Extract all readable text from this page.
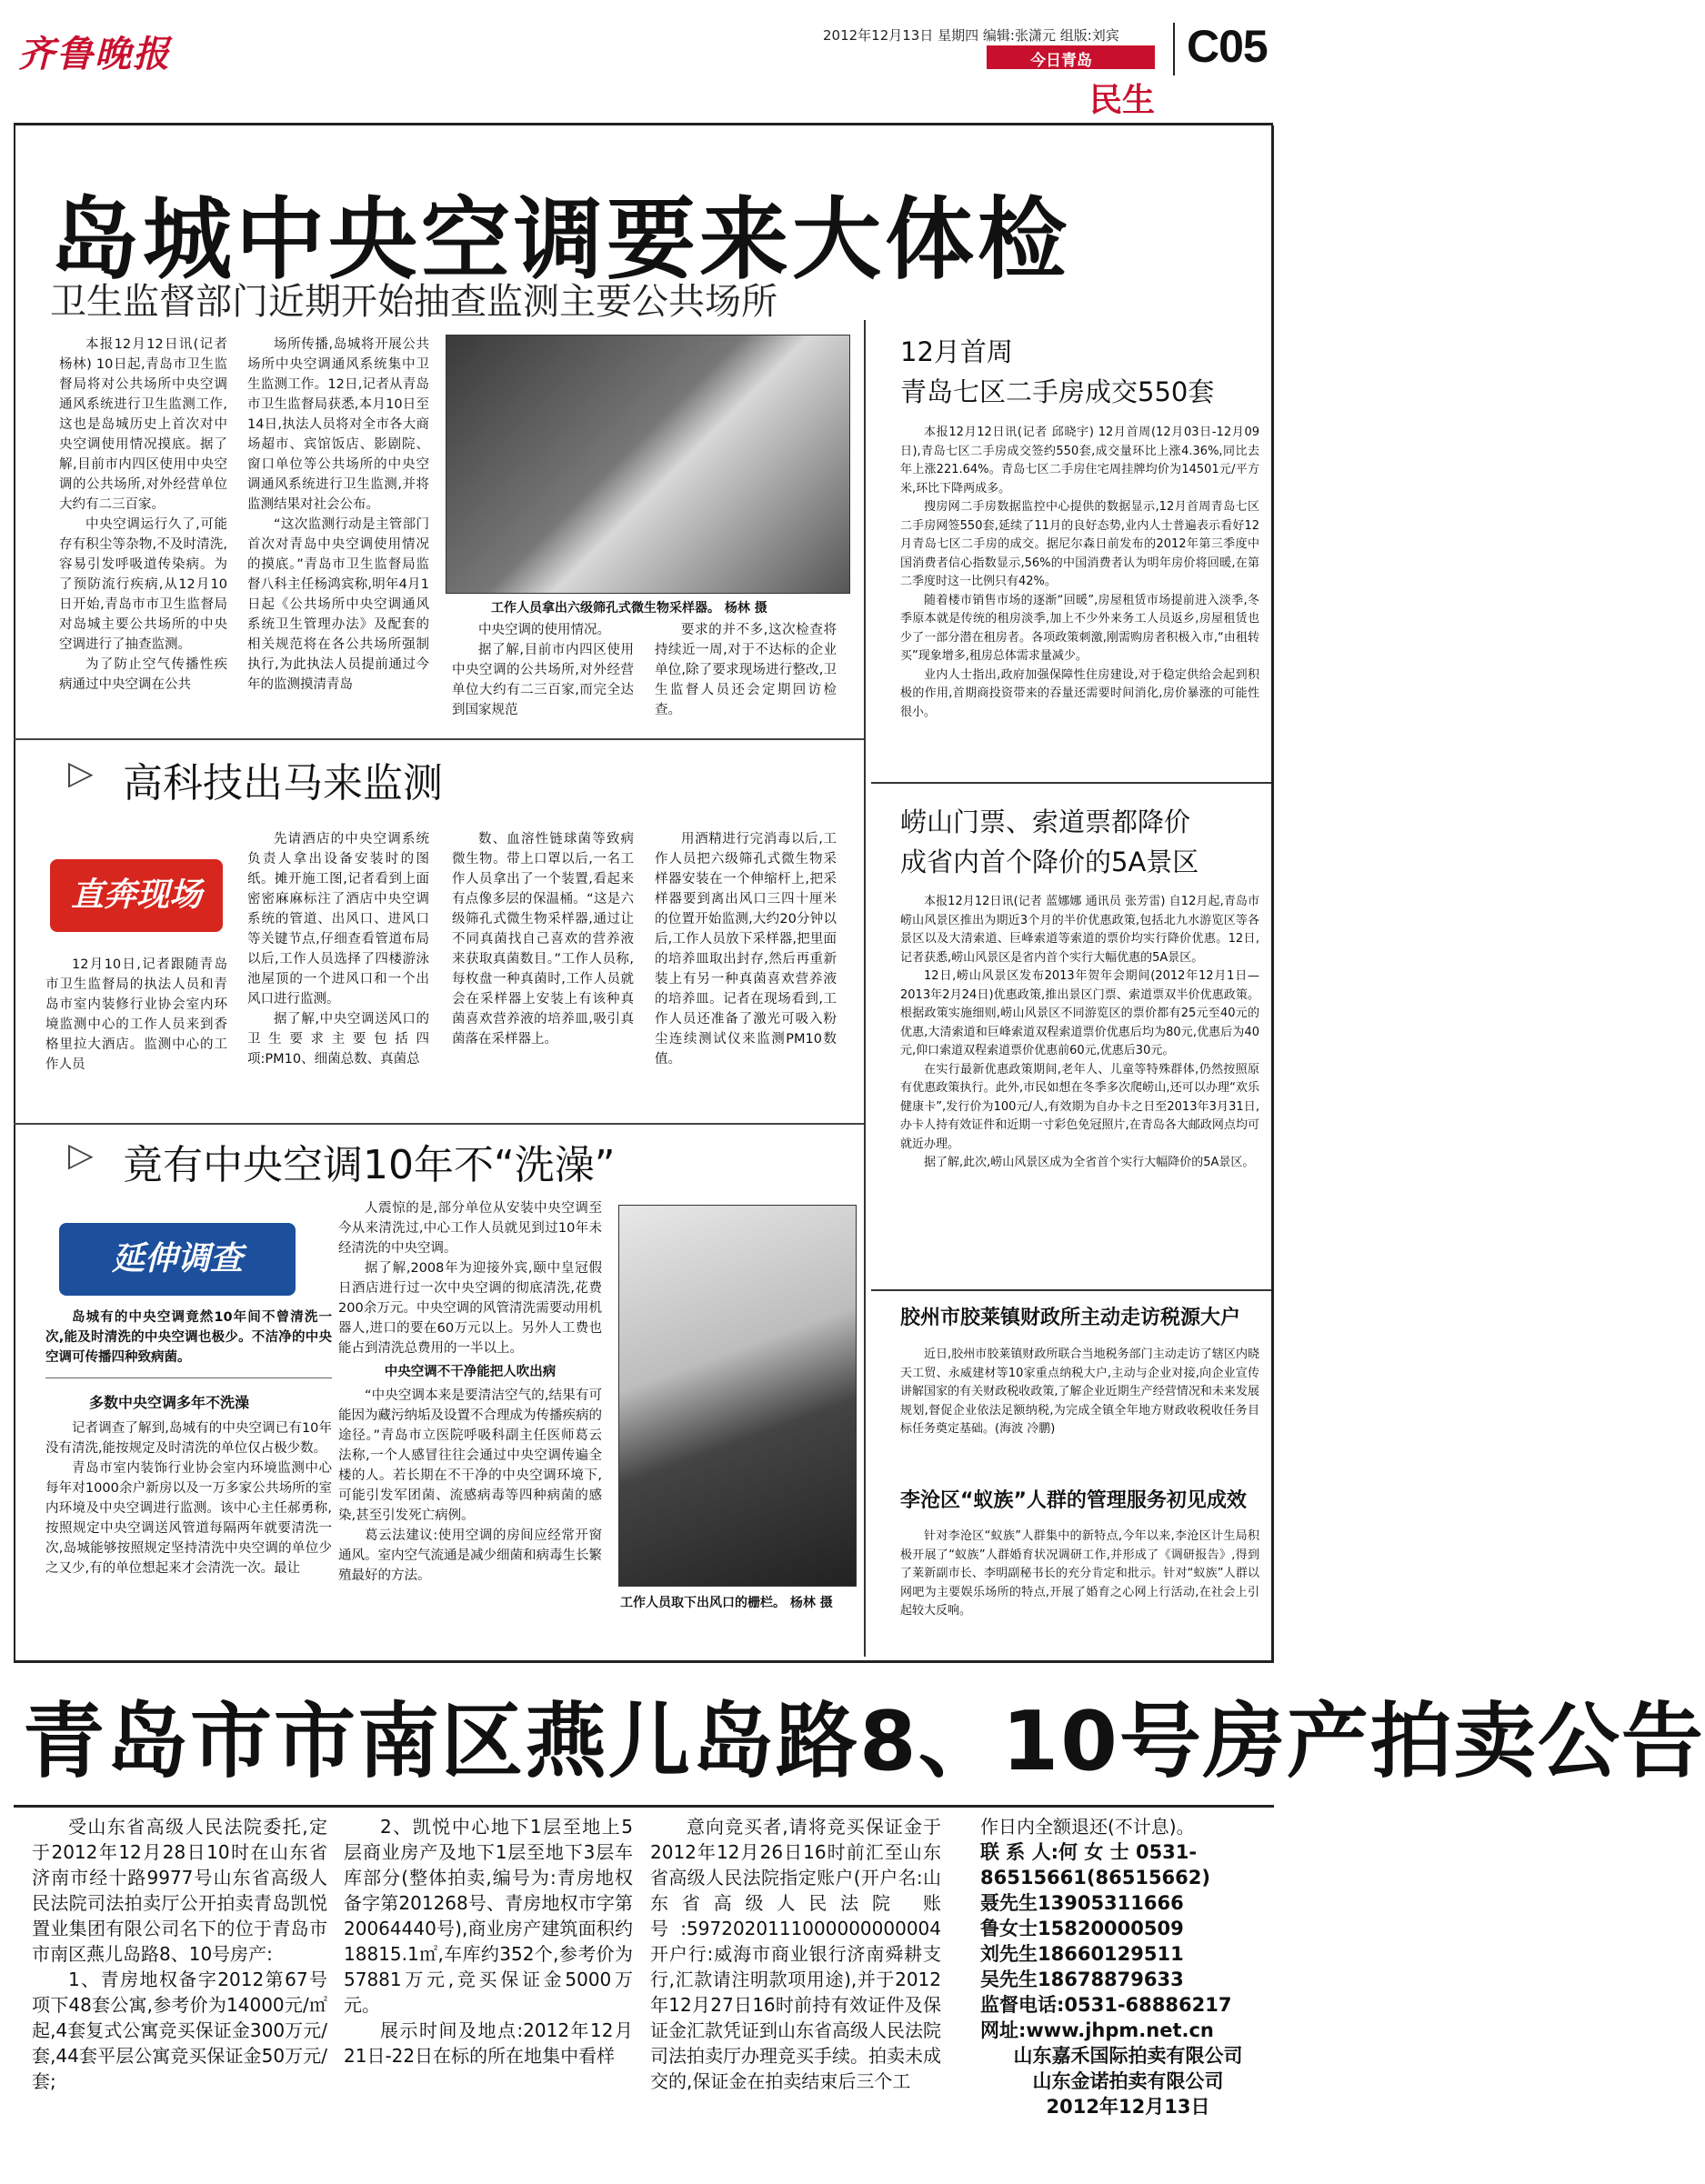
齐鲁晚报	2012年12月13日 星期四 编辑:张潇元 组版:刘宾
今日青岛
民生
C05
岛城中央空调要来大体检
卫生监督部门近期开始抽查监测主要公共场所

本报12月12日讯(记者 杨林) 10日起,青岛市卫生监督局将对公共场所中央空调通风系统进行卫生监测工作,这也是岛城历史上首次对中央空调使用情况摸底。据了解,目前市内四区使用中央空调的公共场所,对外经营单位大约有二三百家。

中央空调运行久了,可能存有积尘等杂物,不及时清洗,容易引发呼吸道传染病。为了预防流行疾病,从12月10日开始,青岛市市卫生监督局对岛城主要公共场所的中央空调进行了抽查监测。

为了防止空气传播性疾病通过中央空调在公共

场所传播,岛城将开展公共场所中央空调通风系统集中卫生监测工作。12日,记者从青岛市卫生监督局获悉,本月10日至14日,执法人员将对全市各大商场超市、宾馆饭店、影剧院、窗口单位等公共场所的中央空调通风系统进行卫生监测,并将监测结果对社会公布。

“这次监测行动是主管部门首次对青岛中央空调使用情况的摸底。”青岛市卫生监督局监督八科主任杨鸿宾称,明年4月1日起《公共场所中央空调通风系统卫生管理办法》及配套的相关规范将在各公共场所强制执行,为此执法人员提前通过今年的监测摸清青岛

工作人员拿出六级筛孔式微生物采样器。 杨林 摄

中央空调的使用情况。

据了解,目前市内四区使用中央空调的公共场所,对外经营单位大约有二三百家,而完全达到国家规范

要求的并不多,这次检查将持续近一周,对于不达标的企业单位,除了要求现场进行整改,卫生监督人员还会定期回访检查。

▷ 高科技出马来监测
直奔现场

12月10日,记者跟随青岛市卫生监督局的执法人员和青岛市室内装修行业协会室内环境监测中心的工作人员来到香格里拉大酒店。监测中心的工作人员

先请酒店的中央空调系统负责人拿出设备安装时的图纸。摊开施工图,记者看到上面密密麻麻标注了酒店中央空调系统的管道、出风口、进风口等关键节点,仔细查看管道布局以后,工作人员选择了四楼游泳池屋顶的一个进风口和一个出风口进行监测。

据了解,中央空调送风口的卫生要求主要包括四项:PM10、细菌总数、真菌总

数、血溶性链球菌等致病微生物。带上口罩以后,一名工作人员拿出了一个装置,看起来有点像多层的保温桶。“这是六级筛孔式微生物采样器,通过让不同真菌找自己喜欢的营养液来获取真菌数目。”工作人员称,每枚盘一种真菌时,工作人员就会在采样器上安装上有该种真菌喜欢营养液的培养皿,吸引真菌落在采样器上。

用酒精进行完消毒以后,工作人员把六级筛孔式微生物采样器安装在一个伸缩杆上,把采样器要到离出风口三四十厘米的位置开始监测,大约20分钟以后,工作人员放下采样器,把里面的培养皿取出封存,然后再重新装上有另一种真菌喜欢营养液的培养皿。记者在现场看到,工作人员还准备了激光可吸入粉尘连续测试仪来监测PM10数值。

▷ 竟有中央空调10年不“洗澡”
延伸调查

岛城有的中央空调竟然10年间不曾清洗一次,能及时清洗的中央空调也极少。不洁净的中央空调可传播四种致病菌。

多数中央空调多年不洗澡

记者调查了解到,岛城有的中央空调已有10年没有清洗,能按规定及时清洗的单位仅占极少数。

青岛市室内装饰行业协会室内环境监测中心每年对1000余户新房以及一万多家公共场所的室内环境及中央空调进行监测。该中心主任郝勇称,按照规定中央空调送风管道每隔两年就要清洗一次,岛城能够按照规定坚持清洗中央空调的单位少之又少,有的单位想起来才会清洗一次。最让

人震惊的是,部分单位从安装中央空调至今从来清洗过,中心工作人员就见到过10年未经清洗的中央空调。

据了解,2008年为迎接外宾,颐中皇冠假日酒店进行过一次中央空调的彻底清洗,花费200余万元。中央空调的风管清洗需要动用机器人,进口的要在60万元以上。另外人工费也能占到清洗总费用的一半以上。

中央空调不干净能把人吹出病

“中央空调本来是要清洁空气的,结果有可能因为藏污纳垢及设置不合理成为传播疾病的途径。”青岛市立医院呼吸科副主任医师葛云法称,一个人感冒往往会通过中央空调传遍全楼的人。若长期在不干净的中央空调环境下,可能引发军团菌、流感病毒等四种病菌的感染,甚至引发死亡病例。

葛云法建议:使用空调的房间应经常开窗通风。室内空气流通是减少细菌和病毒生长繁殖最好的方法。

工作人员取下出风口的栅栏。 杨林 摄
12月首周
青岛七区二手房成交550套

本报12月12日讯(记者 邱晓宇) 12月首周(12月03日-12月09日),青岛七区二手房成交签约550套,成交量环比上涨4.36%,同比去年上涨221.64%。青岛七区二手房住宅周挂牌均价为14501元/平方米,环比下降两成多。

搜房网二手房数据监控中心提供的数据显示,12月首周青岛七区二手房网签550套,延续了11月的良好态势,业内人士普遍表示看好12月青岛七区二手房的成交。据尼尔森日前发布的2012年第三季度中国消费者信心指数显示,56%的中国消费者认为明年房价将回暖,在第二季度时这一比例只有42%。

随着楼市销售市场的逐渐“回暖”,房屋租赁市场提前进入淡季,冬季原本就是传统的租房淡季,加上不少外来务工人员返乡,房屋租赁也少了一部分潜在租房者。各项政策刺激,刚需购房者积极入市,“由租转买”现象增多,租房总体需求量减少。

业内人士指出,政府加强保障性住房建设,对于稳定供给会起到积极的作用,首期商投资带来的吞量还需要时间消化,房价暴涨的可能性很小。

崂山门票、索道票都降价
成省内首个降价的5A景区

本报12月12日讯(记者 蓝娜娜 通讯员 张芳雷) 自12月起,青岛市崂山风景区推出为期近3个月的半价优惠政策,包括北九水游览区等各景区以及大清索道、巨峰索道等索道的票价均实行降价优惠。12日,记者获悉,崂山风景区是省内首个实行大幅优惠的5A景区。

12日,崂山风景区发布2013年贺年会期间(2012年12月1日—2013年2月24日)优惠政策,推出景区门票、索道票双半价优惠政策。根据政策实施细则,崂山风景区不同游览区的票价都有25元至40元的优惠,大清索道和巨峰索道双程索道票价优惠后均为80元,优惠后为40元,仰口索道双程索道票价优惠前60元,优惠后30元。

在实行最新优惠政策期间,老年人、儿童等特殊群体,仍然按照原有优惠政策执行。此外,市民如想在冬季多次爬崂山,还可以办理“欢乐健康卡”,发行价为100元/人,有效期为自办卡之日至2013年3月31日,办卡人持有效证件和近期一寸彩色免冠照片,在青岛各大邮政网点均可就近办理。

据了解,此次,崂山风景区成为全省首个实行大幅降价的5A景区。

胶州市胶莱镇财政所主动走访税源大户

近日,胶州市胶莱镇财政所联合当地税务部门主动走访了辖区内晓天工贸、永威建材等10家重点纳税大户,主动与企业对接,向企业宣传讲解国家的有关财政税收政策,了解企业近期生产经营情况和未来发展规划,督促企业依法足额纳税,为完成全镇全年地方财政收税收任务目标任务奠定基础。(海波 冷鹏)

李沧区“蚁族”人群的管理服务初见成效

针对李沧区“蚁族”人群集中的新特点,今年以来,李沧区计生局积极开展了“蚁族”人群婚育状况调研工作,并形成了《调研报告》,得到了莱新副市长、李明副秘书长的充分肯定和批示。针对“蚁族”人群以网吧为主要娱乐场所的特点,开展了婚育之心网上行活动,在社会上引起较大反响。

青岛市市南区燕儿岛路8、10号房产拍卖公告

受山东省高级人民法院委托,定于2012年12月28日10时在山东省济南市经十路9977号山东省高级人民法院司法拍卖厅公开拍卖青岛凯悦置业集团有限公司名下的位于青岛市市南区燕儿岛路8、10号房产:

1、青房地权备字2012第67号项下48套公寓,参考价为14000元/㎡起,4套复式公寓竞买保证金300万元/套,44套平层公寓竞买保证金50万元/套;

2、凯悦中心地下1层至地上5层商业房产及地下1层至地下3层车库部分(整体拍卖,编号为:青房地权备字第201268号、青房地权市字第20064440号),商业房产建筑面积约18815.1㎡,车库约352个,参考价为57881万元,竞买保证金5000万元。

展示时间及地点:2012年12月21日-22日在标的所在地集中看样

意向竞买者,请将竞买保证金于2012年12月26日16时前汇至山东省高级人民法院指定账户(开户名:山东省高级人民法院 账号:5972020111000000000004 开户行:威海市商业银行济南舜耕支行,汇款请注明款项用途),并于2012年12月27日16时前持有效证件及保证金汇款凭证到山东省高级人民法院司法拍卖厅办理竞买手续。拍卖未成交的,保证金在拍卖结束后三个工

作日内全额退还(不计息)。
联 系 人:何 女 士 0531-86515661(86515662)
聂先生13905311666
鲁女士15820000509
刘先生18660129511
吴先生18678879633
监督电话:0531-68886217
网址:www.jhpm.net.cn
山东嘉禾国际拍卖有限公司
山东金诺拍卖有限公司
2012年12月13日
